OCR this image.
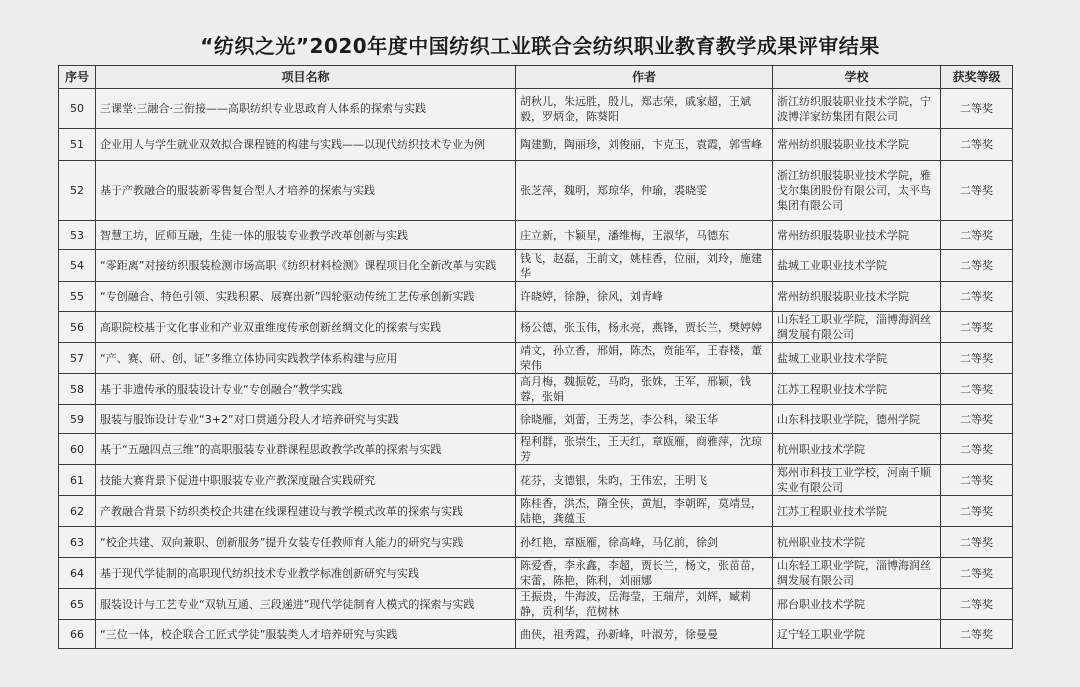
“纺织之光”2020年度中国纺织工业联合会纺织职业教育教学成果评审结果
序号	项目名称	作者	学校	获奖等级
50	三课堂·三融合·三衔接——高职纺织专业思政育人体系的探索与实践	胡秋儿，朱远胜，殷儿，郑志荣，戚家超，王斌毅，罗炳金，陈葵阳	浙江纺织服装职业技术学院，宁波博洋家纺集团有限公司	二等奖
51	企业用人与学生就业双效拟合课程链的构建与实践——以现代纺织技术专业为例	陶建勤，陶丽珍，刘俊丽，卞克玉，袁霞，郭雪峰	常州纺织服装职业技术学院	二等奖
52	基于产教融合的服装新零售复合型人才培养的探索与实践	张芝萍，魏明，郑琼华，仲瑜，裘晓雯	浙江纺织服装职业技术学院，雅戈尔集团股份有限公司，太平鸟集团有限公司	二等奖
53	智慧工坊，匠师互融，生徒一体的服装专业教学改革创新与实践	庄立新，卞颖星，潘维梅，王淑华，马德东	常州纺织服装职业技术学院	二等奖
54	“零距离”对接纺织服装检测市场高职《纺织材料检测》课程项目化全新改革与实践	钱飞，赵磊，王前文，姚桂香，位丽，刘玲，施建华	盐城工业职业技术学院	二等奖
55	“专创融合、特色引领、实践积累、展赛出新”四轮驱动传统工艺传承创新实践	许晓婷，徐静，徐风，刘青峰	常州纺织服装职业技术学院	二等奖
56	高职院校基于文化事业和产业双重维度传承创新丝绸文化的探索与实践	杨公德，张玉伟，杨永亮，燕锋，贾长兰，樊婷婷	山东轻工职业学院，淄博海润丝绸发展有限公司	二等奖
57	“产、赛、研、创、证”多维立体协同实践教学体系构建与应用	靖文，孙立香，邢娟，陈杰，贲能军，王春楼，董荣伟	盐城工业职业技术学院	二等奖
58	基于非遗传承的服装设计专业“专创融合”教学实践	高月梅，魏振乾，马昀，张姝，王军，邢颖，钱蓉，张娟	江苏工程职业技术学院	二等奖
59	服装与服饰设计专业“3+2”对口贯通分段人才培养研究与实践	徐晓雁，刘蕾，王秀芝，李公科，梁玉华	山东科技职业学院，德州学院	二等奖
60	基于“五融四点三维”的高职服装专业群课程思政教学改革的探索与实践	程利群，张崇生，王天红，章瓯雁，商雅萍，沈琼芳	杭州职业技术学院	二等奖
61	技能大赛背景下促进中职服装专业产教深度融合实践研究	花芬，支德银，朱昀，王伟宏，王明飞	郑州市科技工业学校，河南千顺实业有限公司	二等奖
62	产教融合背景下纺织类校企共建在线课程建设与教学模式改革的探索与实践	陈桂香，洪杰，隋全侠，黄旭，李朝晖，莫靖昱，陆艳，龚蕴玉	江苏工程职业技术学院	二等奖
63	“校企共建、双向兼职、创新服务”提升女装专任教师育人能力的研究与实践	孙红艳，章瓯雁，徐高峰，马亿前，徐剑	杭州职业技术学院	二等奖
64	基于现代学徒制的高职现代纺织技术专业教学标准创新研究与实践	陈爱香，李永鑫，李超，贾长兰，杨文，张苗苗，宋蕾，陈艳，陈利，刘丽娜	山东轻工职业学院，淄博海润丝绸发展有限公司	二等奖
65	服装设计与工艺专业“双轨互通、三段递进”现代学徒制育人模式的探索与实践	王振贵，牛海波，岳海莹，王瑞芹，刘辉，臧莉静，贡利华，范树林	邢台职业技术学院	二等奖
66	“三位一体，校企联合工匠式学徒”服装类人才培养研究与实践	曲侠，祖秀霞，孙新峰，叶淑芳，徐曼曼	辽宁轻工职业学院	二等奖
